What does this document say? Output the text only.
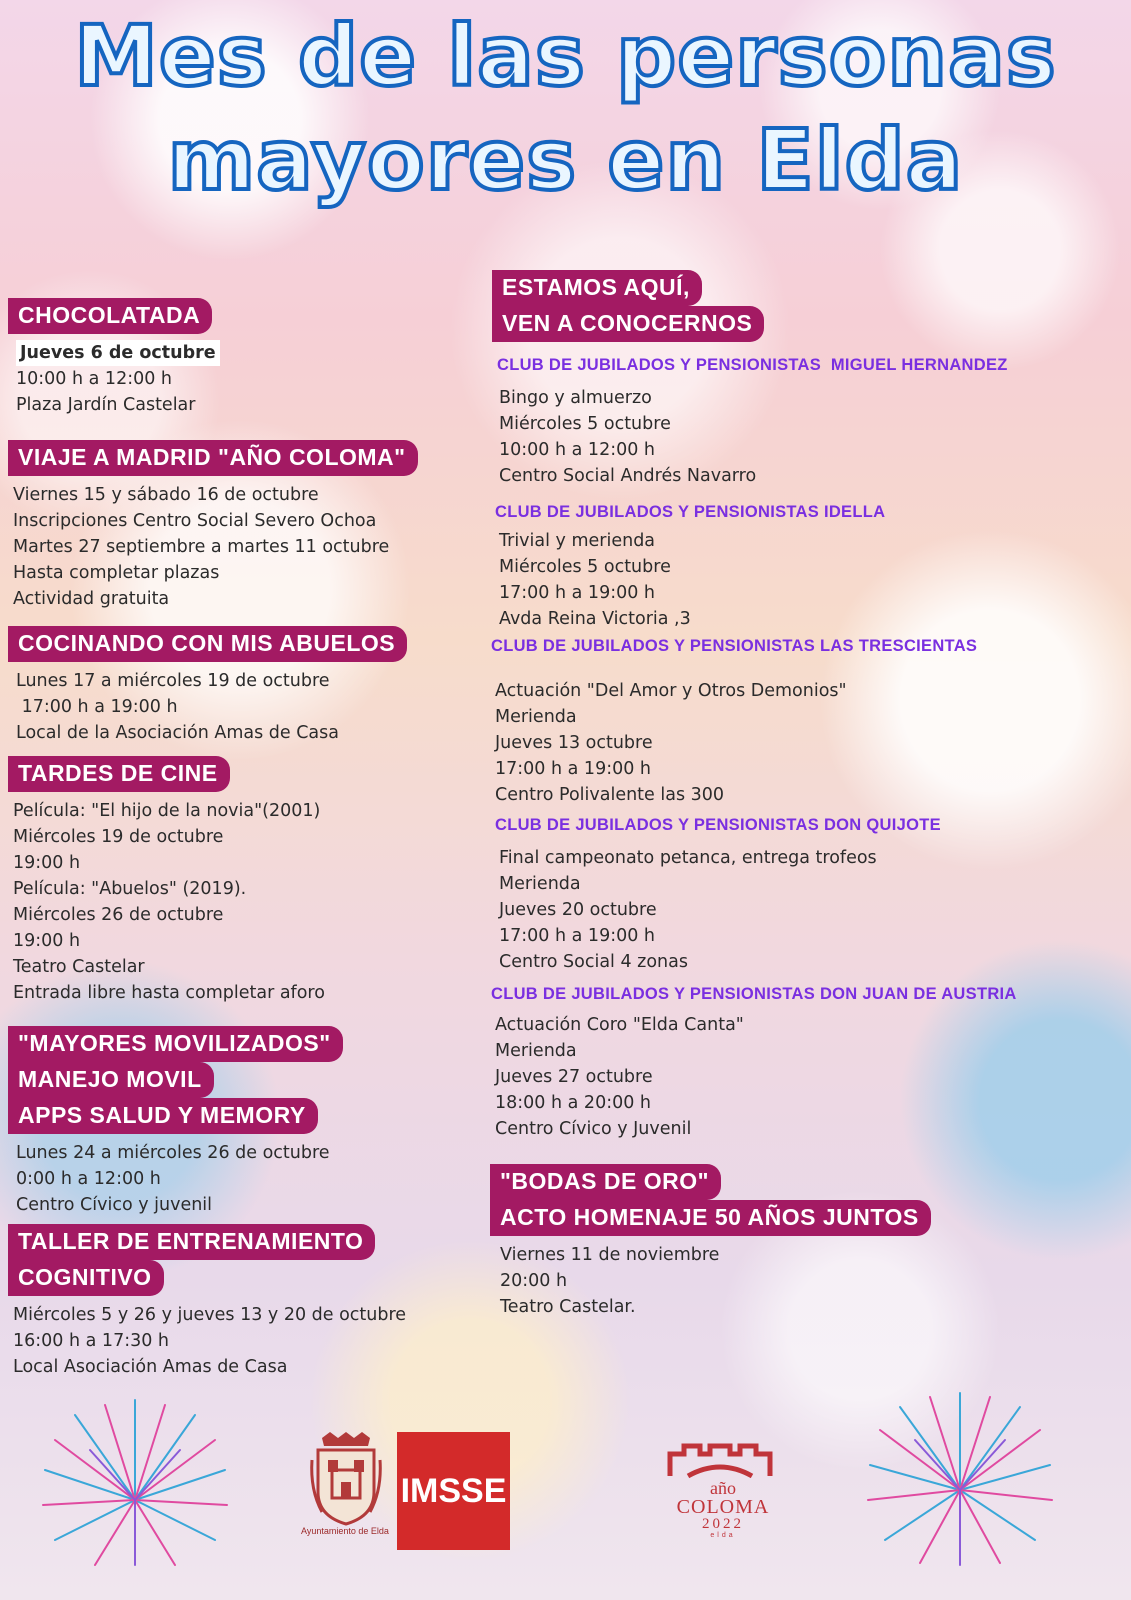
Mes de las personas
mayores en Elda
CHOCOLATADA
Jueves 6 de octubre
10:00 h a 12:00 h
Plaza Jardín Castelar
VIAJE A MADRID "AÑO COLOMA"
Viernes 15 y sábado 16 de octubre
Inscripciones Centro Social Severo Ochoa
Martes 27 septiembre a martes 11 octubre
Hasta completar plazas
Actividad gratuita
COCINANDO CON MIS ABUELOS
Lunes 17 a miércoles 19 de octubre
17:00 h a 19:00 h
Local de la Asociación Amas de Casa
TARDES DE CINE
Película: "El hijo de la novia"(2001)
Miércoles 19 de octubre
19:00 h
Película: "Abuelos" (2019).
Miércoles 26 de octubre
19:00 h
Teatro Castelar
Entrada libre hasta completar aforo
"MAYORES MOVILIZADOS"
MANEJO MOVIL
APPS SALUD Y MEMORY
Lunes 24 a miércoles 26 de octubre
0:00 h a 12:00 h
Centro Cívico y juvenil
TALLER DE ENTRENAMIENTO
COGNITIVO
Miércoles 5 y 26 y jueves 13 y 20 de octubre
16:00 h a 17:30 h
Local Asociación Amas de Casa
ESTAMOS AQUÍ,
VEN A CONOCERNOS
CLUB DE JUBILADOS Y PENSIONISTAS  MIGUEL HERNANDEZ
Bingo y almuerzo
Miércoles 5 octubre
10:00 h a 12:00 h
Centro Social Andrés Navarro
CLUB DE JUBILADOS Y PENSIONISTAS IDELLA
Trivial y merienda
Miércoles 5 octubre
17:00 h a 19:00 h
Avda Reina Victoria ,3
CLUB DE JUBILADOS Y PENSIONISTAS LAS TRESCIENTAS
Actuación "Del Amor y Otros Demonios"
Merienda
Jueves 13 octubre
17:00 h a 19:00 h
Centro Polivalente las 300
CLUB DE JUBILADOS Y PENSIONISTAS DON QUIJOTE
Final campeonato petanca, entrega trofeos
Merienda
Jueves 20 octubre
17:00 h a 19:00 h
Centro Social 4 zonas
CLUB DE JUBILADOS Y PENSIONISTAS DON JUAN DE AUSTRIA
Actuación Coro "Elda Canta"
Merienda
Jueves 27 octubre
18:00 h a 20:00 h
Centro Cívico y Juvenil
"BODAS DE ORO"
ACTO HOMENAJE 50 AÑOS JUNTOS
Viernes 11 de noviembre
20:00 h
Teatro Castelar.
Ayuntamiento de Elda
IMSSE	año
COLOMA
2022
elda
